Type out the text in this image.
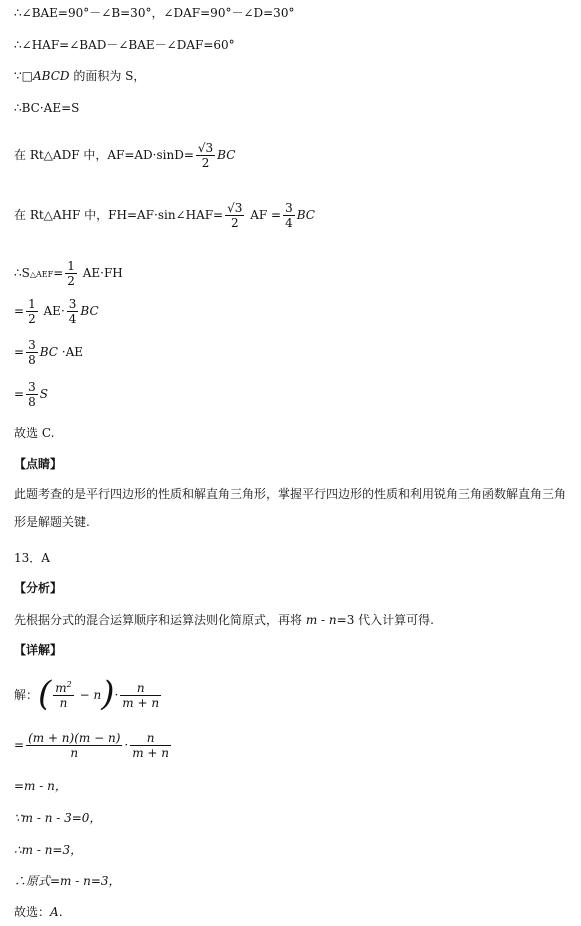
∴∠BAE=90°－∠B=30°，∠DAF=90°－∠D=30°
∴∠HAF=∠BAD－∠BAE－∠DAF=60°
∵□ABCD 的面积为 S，
∴BC·AE=S
在 Rt△ADF 中，$AF=AD\cdot\sin D= \frac{√3}{2}$ BC
在 Rt△AHF 中，FH=AF·sin∠HAF= $\frac{√3}{2}$ AF = $\frac{3}{4}$ BC
∴S△AEF= $\frac{1}{2} AE\cdot FH$
= $\frac{1}{2} AE\cdot \frac{3}{4}$ BC
= $\frac{3}{8}$ BC ·AE
= $\frac{3}{8}$ S
故选 C.
【点睛】
此题考查的是平行四边形的性质和解直角三角形，掌握平行四边形的性质和利用锐角三角函数解直角三角形是解题关键.
13．A
【分析】
先根据分式的混合运算顺序和运算法则化简原式，再将 m - n=3 代入计算可得.
【详解】
解：( $\frac{m^2}{n} - n)\cdot \frac{n}{m + n}$
= $\frac{(m + n)(m - n)}{n} \cdot \frac{n}{m + n}$
=m - n，
∵m - n - 3=0，
∴m - n=3，
∴原式=m - n=3，
故选：A.
